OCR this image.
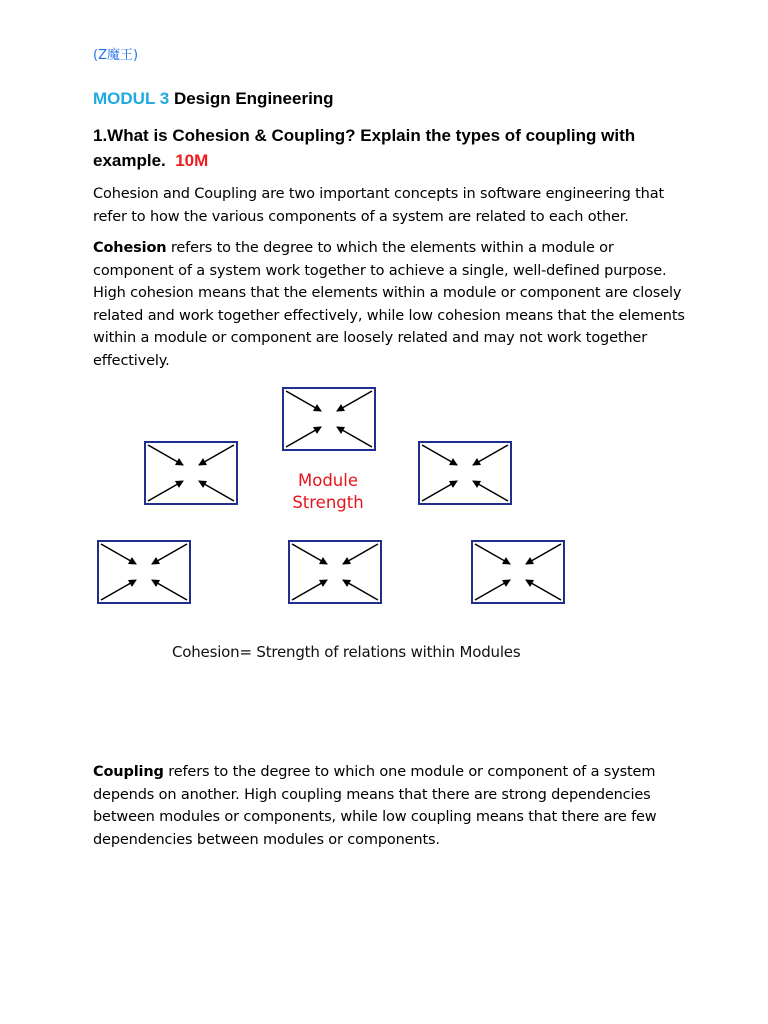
(Z魔王)
MODUL 3 Design Engineering
1.What is Cohesion & Coupling? Explain the types of coupling with example. 10M
Cohesion and Coupling are two important concepts in software engineering that refer to how the various components of a system are related to each other.
Cohesion refers to the degree to which the elements within a module or component of a system work together to achieve a single, well-defined purpose. High cohesion means that the elements within a module or component are closely related and work together effectively, while low cohesion means that the elements within a module or component are loosely related and may not work together effectively.
Module Strength
Cohesion= Strength of relations within Modules
Coupling refers to the degree to which one module or component of a system depends on another. High coupling means that there are strong dependencies between modules or components, while low coupling means that there are few dependencies between modules or components.
